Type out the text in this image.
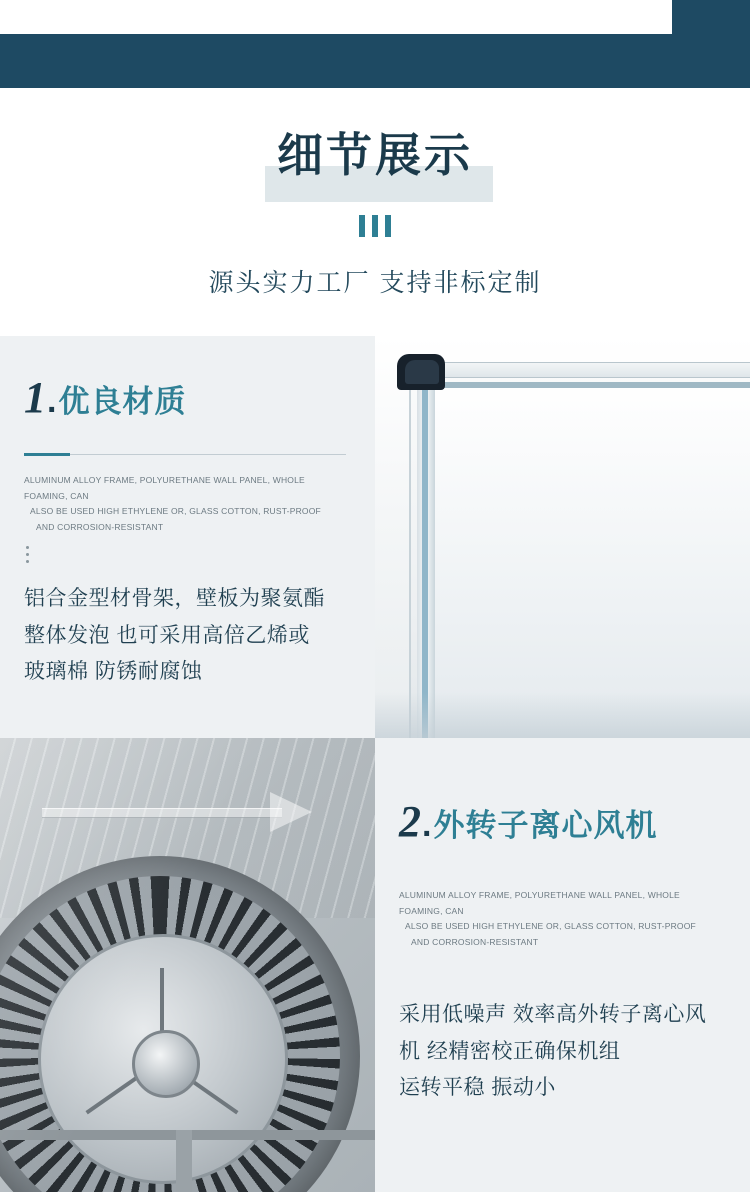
细节展示
源头实力工厂 支持非标定制
1 . 优良材质
ALUMINUM ALLOY FRAME, POLYURETHANE WALL PANEL, WHOLE FOAMING, CAN
ALSO BE USED HIGH ETHYLENE OR, GLASS COTTON, RUST-PROOF
AND CORROSION-RESISTANT
铝合金型材骨架，壁板为聚氨酯
整体发泡 也可采用高倍乙烯或
玻璃棉 防锈耐腐蚀
2 . 外转子离心风机
ALUMINUM ALLOY FRAME, POLYURETHANE WALL PANEL, WHOLE FOAMING, CAN
ALSO BE USED HIGH ETHYLENE OR, GLASS COTTON, RUST-PROOF
AND CORROSION-RESISTANT
采用低噪声 效率高外转子离心风
机 经精密校正确保机组
运转平稳 振动小
